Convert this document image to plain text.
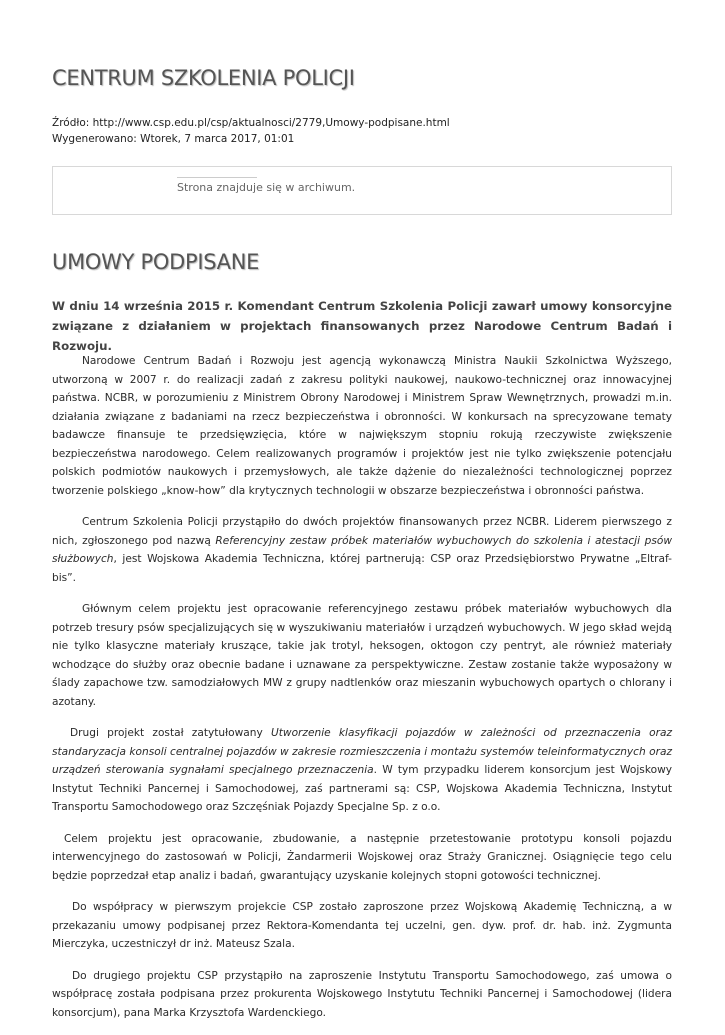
CENTRUM SZKOLENIA POLICJI
Źródło: http://www.csp.edu.pl/csp/aktualnosci/2779,Umowy-podpisane.html
Wygenerowano: Wtorek, 7 marca 2017, 01:01
Strona znajduje się w archiwum.
UMOWY PODPISANE

W dniu 14 września 2015 r. Komendant Centrum Szkolenia Policji zawarł umowy konsorcyjne związane z działaniem w projektach finansowanych przez Narodowe Centrum Badań i Rozwoju.

Narodowe Centrum Badań i Rozwoju jest agencją wykonawczą Ministra Naukii Szkolnictwa Wyższego, utworzoną w 2007 r. do realizacji zadań z zakresu polityki naukowej, naukowo-technicznej oraz innowacyjnej państwa. NCBR, w porozumieniu z Ministrem Obrony Narodowej i Ministrem Spraw Wewnętrznych, prowadzi m.in. działania związane z badaniami na rzecz bezpieczeństwa i obronności. W konkursach na sprecyzowane tematy badawcze finansuje te przedsięwzięcia, które w największym stopniu rokują rzeczywiste zwiększenie bezpieczeństwa narodowego. Celem realizowanych programów i projektów jest nie tylko zwiększenie potencjału polskich podmiotów naukowych i przemysłowych, ale także dążenie do niezależności technologicznej poprzez tworzenie polskiego „know-how” dla krytycznych technologii w obszarze bezpieczeństwa i obronności państwa.

Centrum Szkolenia Policji przystąpiło do dwóch projektów finansowanych przez NCBR. Liderem pierwszego z nich, zgłoszonego pod nazwą Referencyjny zestaw próbek materiałów wybuchowych do szkolenia i atestacji psów służbowych, jest Wojskowa Akademia Techniczna, której partnerują: CSP oraz Przedsiębiorstwo Prywatne „Eltraf-bis”.

Głównym celem projektu jest opracowanie referencyjnego zestawu próbek materiałów wybuchowych dla potrzeb tresury psów specjalizujących się w wyszukiwaniu materiałów i urządzeń wybuchowych. W jego skład wejdą nie tylko klasyczne materiały kruszące, takie jak trotyl, heksogen, oktogon czy pentryt, ale również materiały wchodzące do służby oraz obecnie badane i uznawane za perspektywiczne. Zestaw zostanie także wyposażony w ślady zapachowe tzw. samodziałowych MW z grupy nadtlenków oraz mieszanin wybuchowych opartych o chlorany i azotany.

Drugi projekt został zatytułowany Utworzenie klasyfikacji pojazdów w zależności od przeznaczenia oraz standaryzacja konsoli centralnej pojazdów w zakresie rozmieszczenia i montażu systemów teleinformatycznych oraz urządzeń sterowania sygnałami specjalnego przeznaczenia. W tym przypadku liderem konsorcjum jest Wojskowy Instytut Techniki Pancernej i Samochodowej, zaś partnerami są: CSP, Wojskowa Akademia Techniczna, Instytut Transportu Samochodowego oraz Szczęśniak Pojazdy Specjalne Sp. z o.o.

Celem projektu jest opracowanie, zbudowanie, a następnie przetestowanie prototypu konsoli pojazdu interwencyjnego do zastosowań w Policji, Żandarmerii Wojskowej oraz Straży Granicznej. Osiągnięcie tego celu będzie poprzedzał etap analiz i badań, gwarantujący uzyskanie kolejnych stopni gotowości technicznej.

Do współpracy w pierwszym projekcie CSP zostało zaproszone przez Wojskową Akademię Techniczną, a w przekazaniu umowy podpisanej przez Rektora-Komendanta tej uczelni, gen. dyw. prof. dr. hab. inż. Zygmunta Mierczyka, uczestniczył dr inż. Mateusz Szala.

Do drugiego projektu CSP przystąpiło na zaproszenie Instytutu Transportu Samochodowego, zaś umowa o współpracę została podpisana przez prokurenta Wojskowego Instytutu Techniki Pancernej i Samochodowej (lidera konsorcjum), pana Marka Krzysztofa Wardenckiego.
